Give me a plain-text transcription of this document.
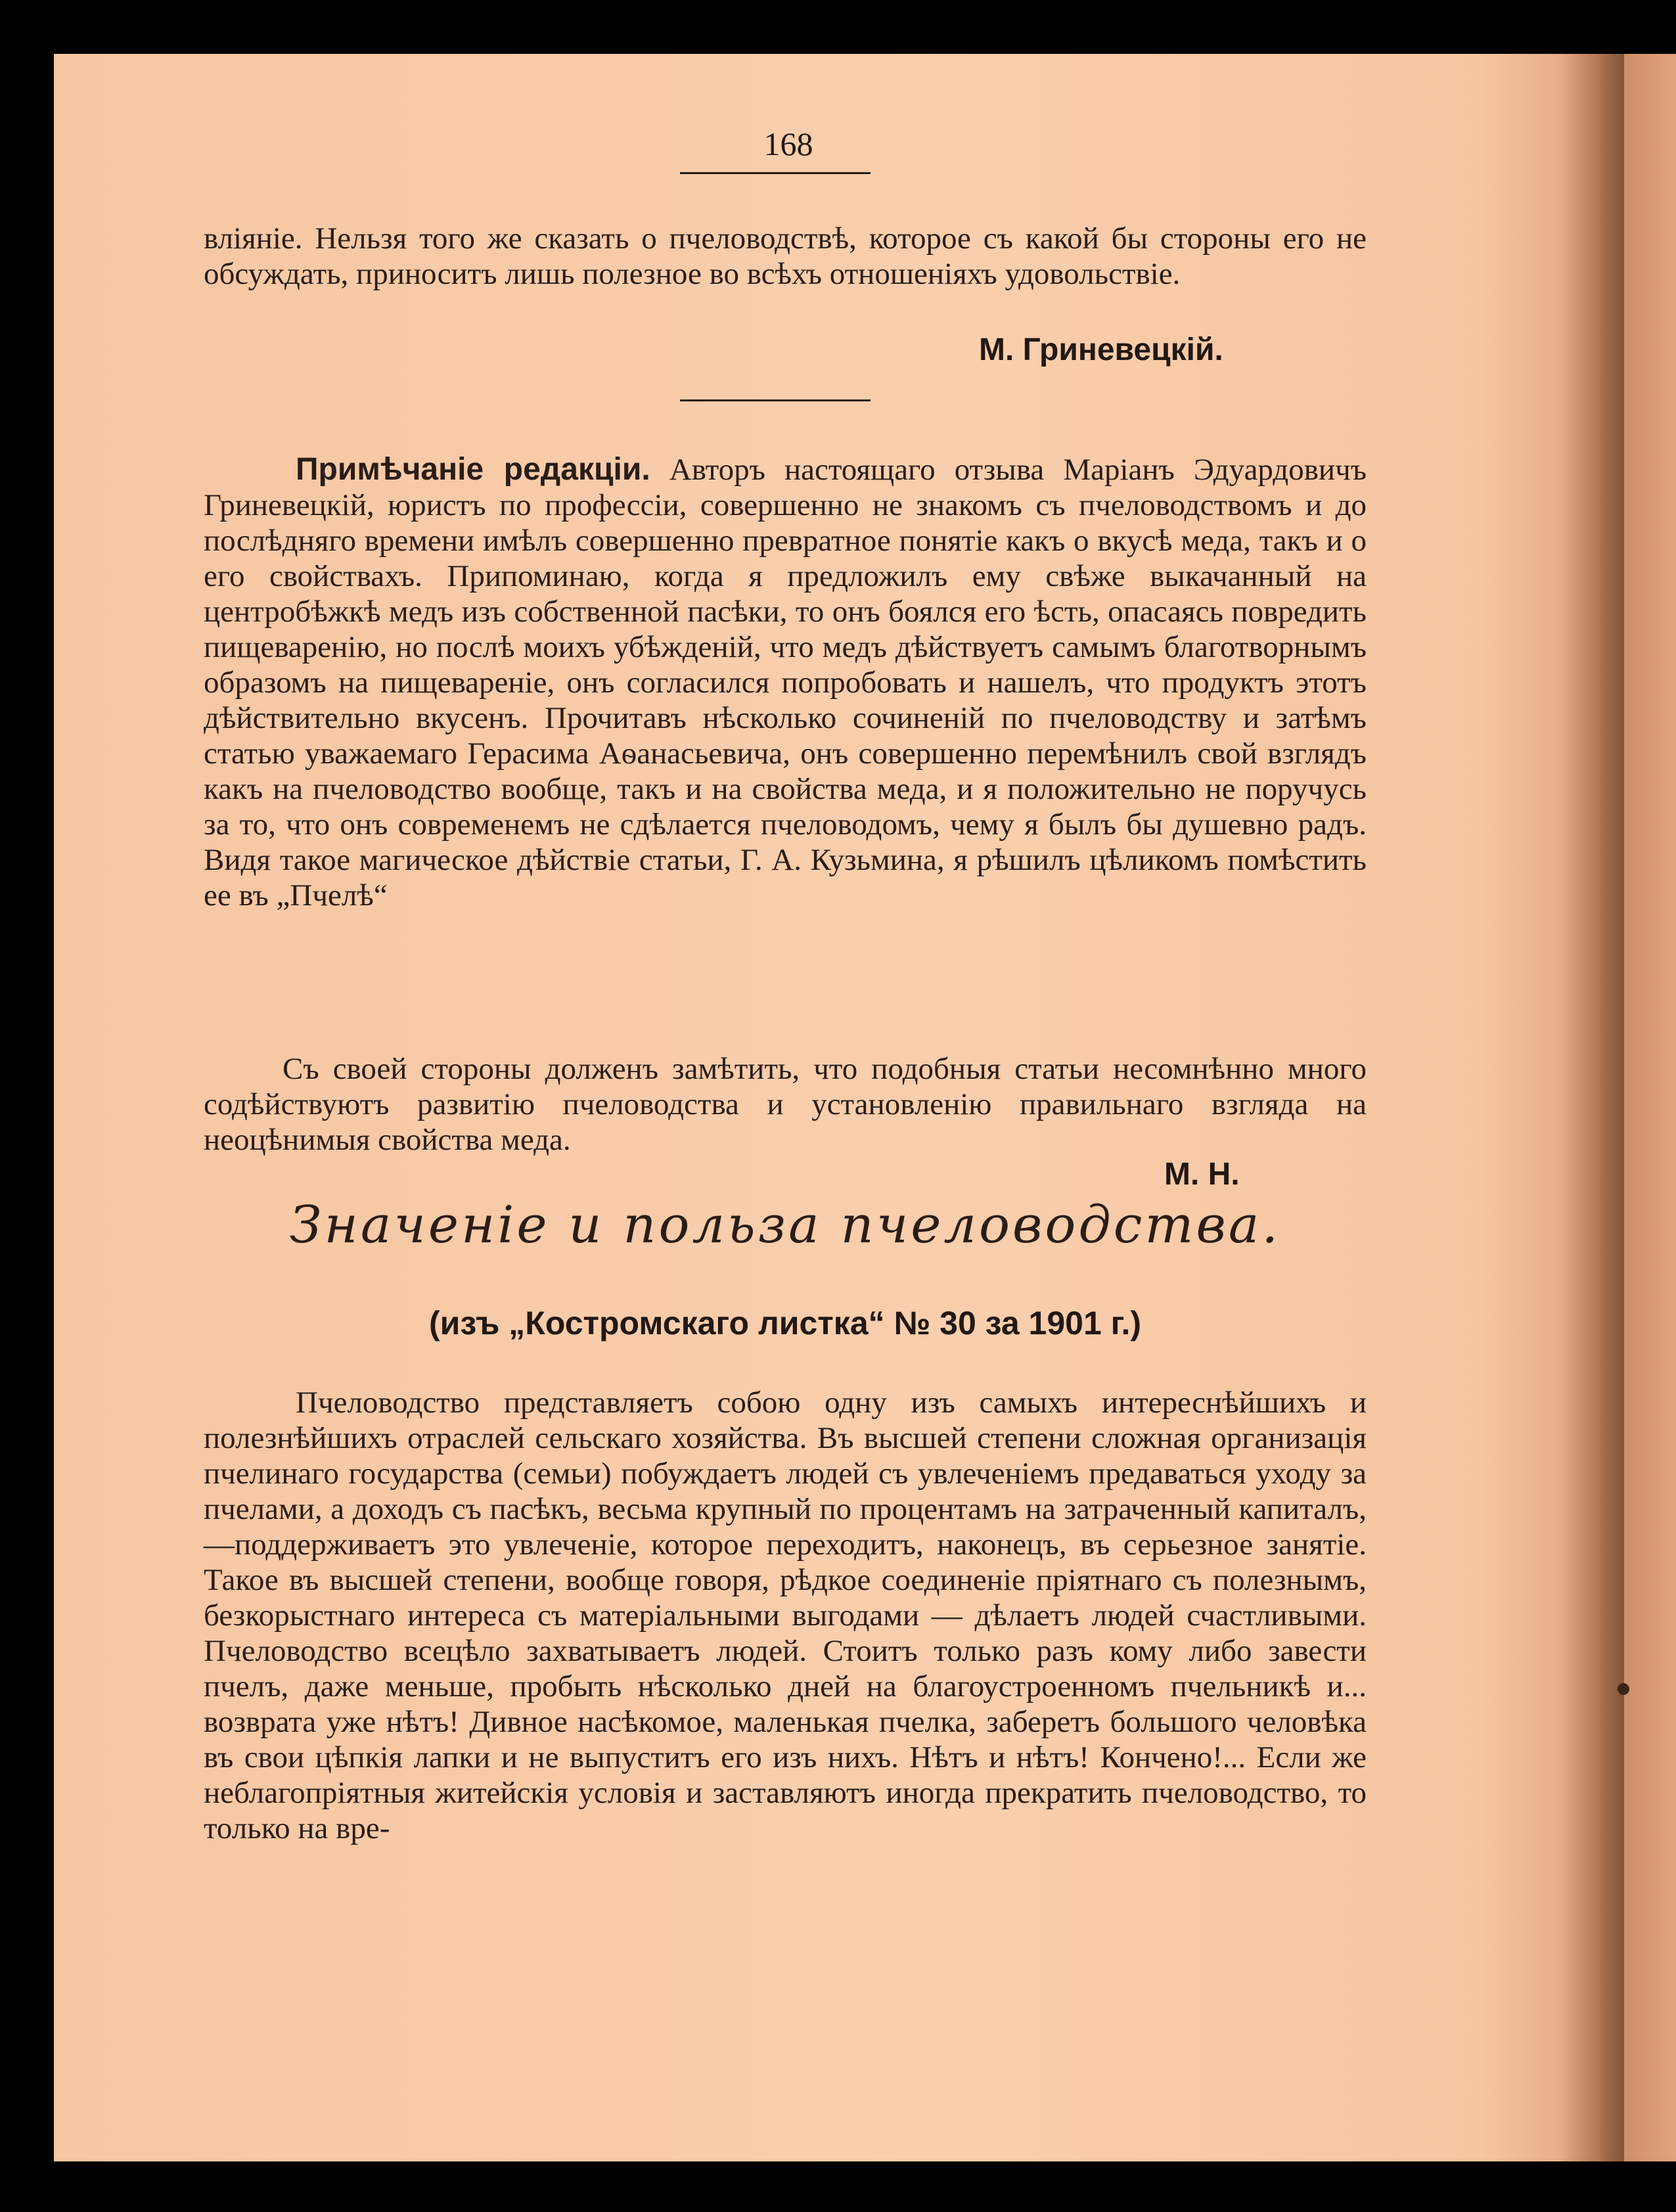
168

вліяніе. Нельзя того же сказать о пчеловодствѣ, которое съ какой бы стороны его не обсуждать, приноситъ лишь полезное во всѣхъ отношеніяхъ удовольствіе.

М. Гриневецкій.

Примѣчаніе редакціи. Авторъ настоящаго отзыва Маріанъ Эдуардовичъ Гриневецкій, юристъ по профессіи, совершенно не знакомъ съ пчеловодствомъ и до послѣдняго времени имѣлъ совершенно превратное понятіе какъ о вкусѣ меда, такъ и о его свойствахъ. Припоминаю, когда я предложилъ ему свѣже выкачанный на центробѣжкѣ медъ изъ собственной пасѣки, то онъ боялся его ѣсть, опасаясь повредить пищеваренію, но послѣ моихъ убѣжденій, что медъ дѣйствуетъ самымъ благотворнымъ образомъ на пищевареніе, онъ согласился попробовать и нашелъ, что продуктъ этотъ дѣйствительно вкусенъ. Прочитавъ нѣсколько сочиненій по пчеловодству и затѣмъ статью уважаемаго Герасима Аѳанасьевича, онъ совершенно перемѣнилъ свой взглядъ какъ на пчеловодство вообще, такъ и на свойства меда, и я положительно не поручусь за то, что онъ современемъ не сдѣлается пчеловодомъ, чему я былъ бы душевно радъ. Видя такое магическое дѣйствіе статьи, Г. А. Кузьмина, я рѣшилъ цѣликомъ помѣстить ее въ „Пчелѣ“

Съ своей стороны долженъ замѣтить, что подобныя статьи несомнѣнно много содѣйствуютъ развитію пчеловодства и установленію правильнаго взгляда на неоцѣнимыя свойства меда.

М. Н.
Значеніе и польза пчеловодства.
(изъ „Костромскаго листка“ № 30 за 1901 г.)

Пчеловодство представляетъ собою одну изъ самыхъ интереснѣйшихъ и полезнѣйшихъ отраслей сельскаго хозяйства. Въ высшей степени сложная организація пчелинаго государства (семьи) побуждаетъ людей съ увлеченіемъ предаваться уходу за пчелами, а доходъ съ пасѣкъ, весьма крупный по процентамъ на затраченный капиталъ,—поддерживаетъ это увлеченіе, которое переходитъ, наконецъ, въ серьезное занятіе. Такое въ высшей степени, вообще говоря, рѣдкое соединеніе пріятнаго съ полезнымъ, безкорыстнаго интереса съ матеріальными выгодами — дѣлаетъ людей счастливыми. Пчеловодство всецѣло захватываетъ людей. Стоитъ только разъ кому либо завести пчелъ, даже меньше, пробыть нѣсколько дней на благоустроенномъ пчельникѣ и... возврата уже нѣтъ! Дивное насѣкомое, маленькая пчелка, заберетъ большого человѣка въ свои цѣпкія лапки и не выпуститъ его изъ нихъ. Нѣтъ и нѣтъ! Кончено!... Если же неблагопріятныя житейскія условія и заставляютъ иногда прекратить пчеловодство, то только на вре-
